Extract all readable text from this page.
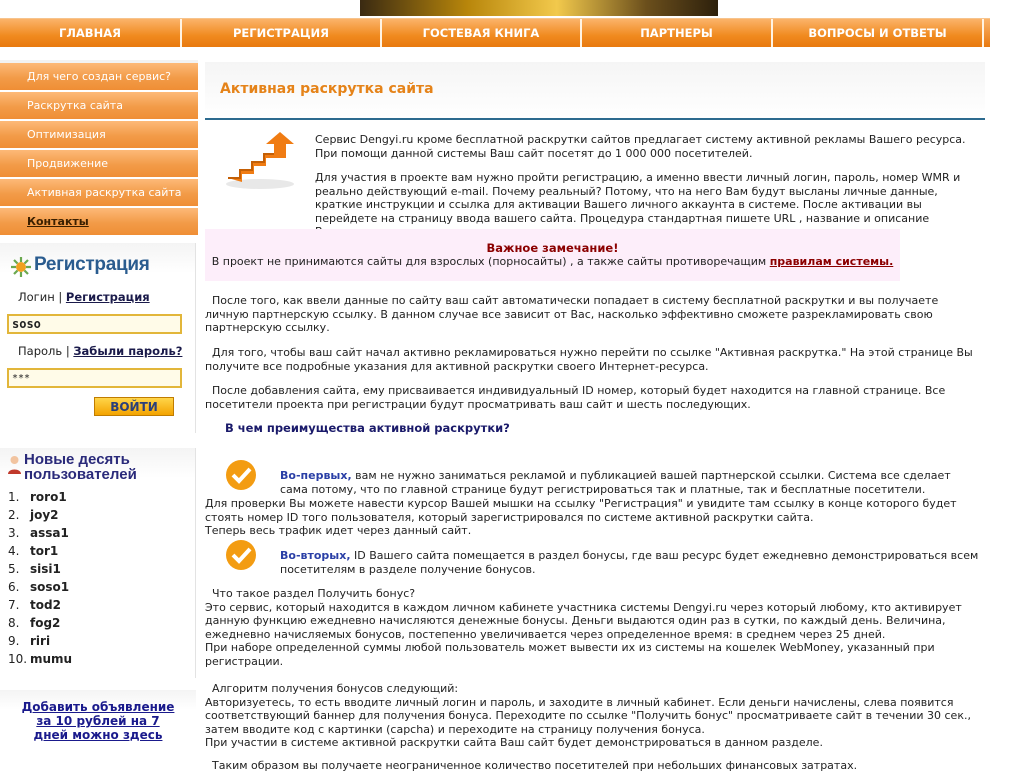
ГЛАВНАЯ	РЕГИСТРАЦИЯ	ГОСТЕВАЯ КНИГА	ПАРТНЕРЫ	ВОПРОСЫ И ОТВЕТЫ
Для чего создан сервис?
Раскрутка сайта
Оптимизация
Продвижение
Активная раскрутка сайта
Контакты
Регистрация
Логин | Регистрация
soso
Пароль | Забыли пароль?
***
ВОЙТИ
Новые десять пользователей
1. roro1
2. joy2
3. assa1
4. tor1
5. sisi1
6. soso1
7. tod2
8. fog2
9. riri
10. mumu
Добавить объявление за 10 рублей на 7 дней можно здесь
Активная раскрутка сайта
Сервис Dengyi.ru кроме бесплатной раскрутки сайтов предлагает систему активной рекламы Вашего ресурса. При помощи данной системы Ваш сайт посетят до 1 000 000 посетителей.
Для участия в проекте вам нужно пройти регистрацию, а именно ввести личный логин, пароль, номер WMR и реально действующий e-mail. Почему реальный? Потому, что на него Вам будут высланы личные данные, краткие инструкции и ссылка для активации Вашего личного аккаунта в системе. После активации вы перейдете на страницу ввода вашего сайта. Процедура стандартная пишете URL , название и описание
Важное замечание!
В проект не принимаются сайты для взрослых (порносайты) , а также сайты противоречащим правилам системы.
После того, как ввели данные по сайту ваш сайт автоматически попадает в систему бесплатной раскрутки и вы получаете личную партнерскую ссылку. В данном случае все зависит от Вас, насколько эффективно сможете разрекламировать свою партнерскую ссылку.
Для того, чтобы ваш сайт начал активно рекламироваться нужно перейти по ссылке "Активная раскрутка." На этой странице Вы получите все подробные указания для активной раскрутки своего Интернет-ресурса.
После добавления сайта, ему присваивается индивидуальный ID номер, который будет находится на главной странице. Все посетители проекта при регистрации будут просматривать ваш сайт и шесть последующих.
В чем преимущества активной раскрутки?
Во-первых, вам не нужно заниматься рекламой и публикацией вашей партнерской ссылки. Система все сделает сама потому, что по главной странице будут регистрироваться так и платные, так и бесплатные посетители.
Для проверки Вы можете навести курсор Вашей мышки на ссылку "Регистрация" и увидите там ссылку в конце которого будет стоять номер ID того пользователя, который зарегистрировался по системе активной раскрутки сайта.
Теперь весь трафик идет через данный сайт.
Во-вторых, ID Вашего сайта помещается в раздел бонусы, где ваш ресурс будет ежедневно демонстрироваться всем посетителям в разделе получение бонусов.
Что такое раздел Получить бонус?
Это сервис, который находится в каждом личном кабинете участника системы Dengyi.ru через который любому, кто активирует данную функцию ежедневно начисляются денежные бонусы. Деньги выдаются один раз в сутки, по каждый день. Величина, ежедневно начисляемых бонусов, постепенно увеличивается через определенное время: в среднем через 25 дней.
При наборе определенной суммы любой пользователь может вывести их из системы на кошелек WebMoney, указанный при регистрации.
Алгоритм получения бонусов следующий:
Авторизуетесь, то есть вводите личный логин и пароль, и заходите в личный кабинет. Если деньги начислены, слева появится соответствующий баннер для получения бонуса. Переходите по ссылке "Получить бонус" просматриваете сайт в течении 30 сек., затем вводите код с картинки (capcha) и переходите на страницу получения бонуса.
При участии в системе активной раскрутки сайта Ваш сайт будет демонстрироваться в данном разделе.
Таким образом вы получаете неограниченное количество посетителей при небольших финансовых затратах.
